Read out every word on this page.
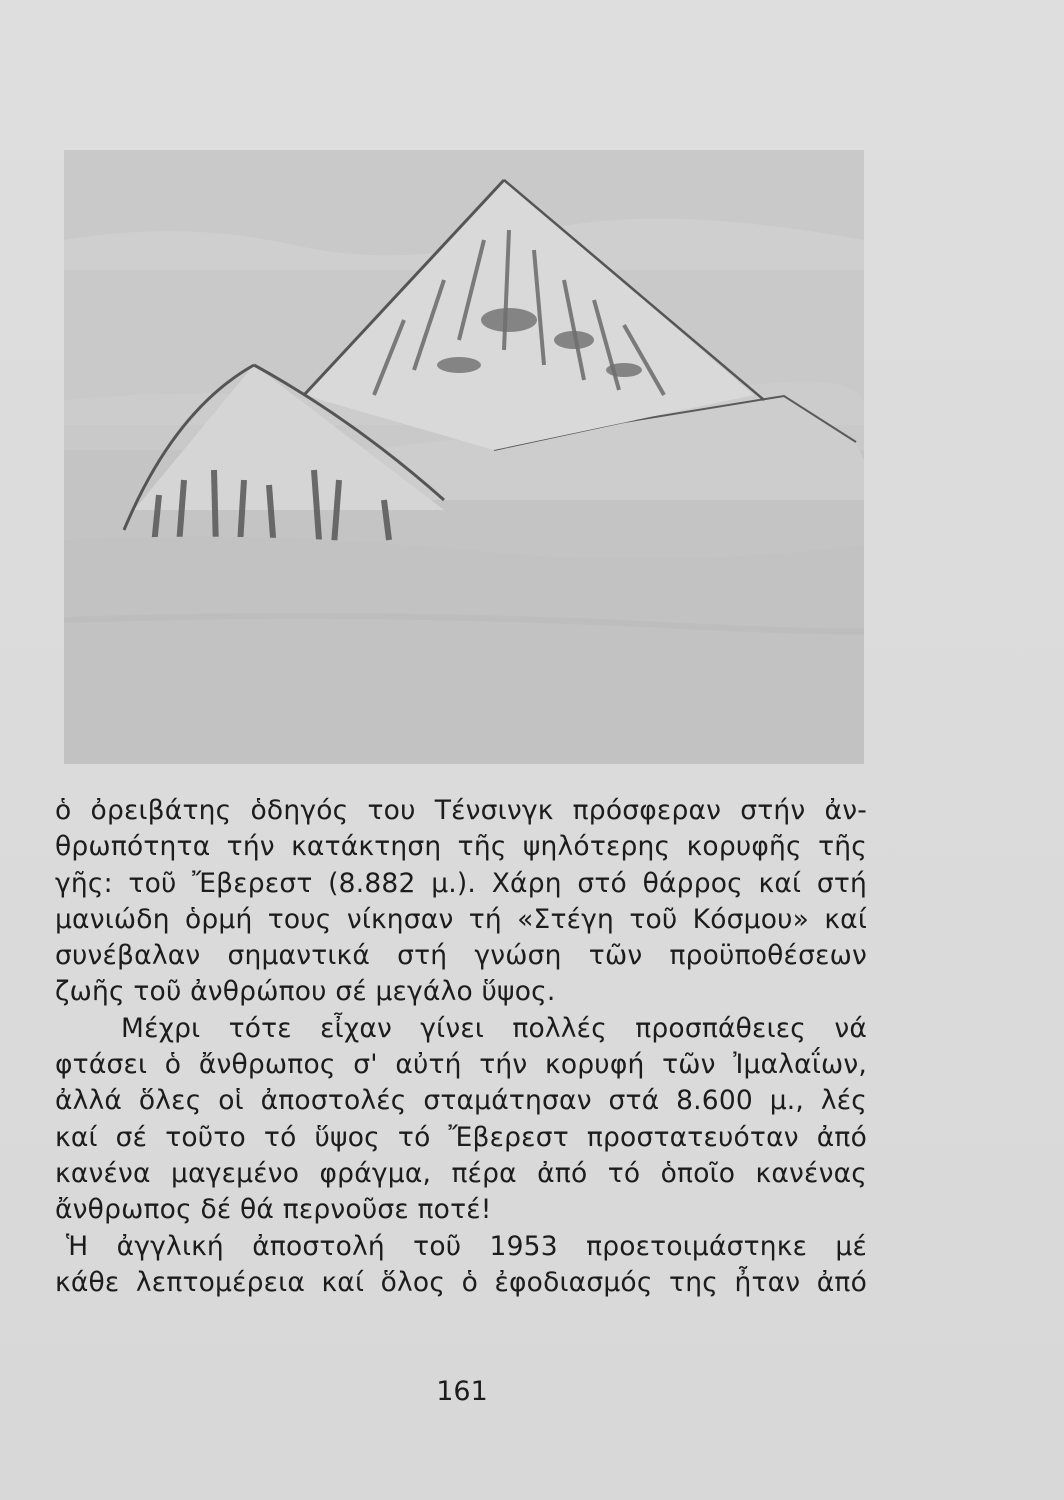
ὁ ὀρειβάτης ὁδηγός του Τένσινγκ πρόσφεραν στήν ἀν-
θρωπότητα τήν κατάκτηση τῆς ψηλότερης κορυφῆς τῆς
γῆς: τοῦ Ἔβερεστ (8.882 μ.). Χάρη στό θάρρος καί στή
μανιώδη ὁρμή τους νίκησαν τή «Στέγη τοῦ Κόσμου» καί
συνέβαλαν σημαντικά στή γνώση τῶν προϋποθέσεων
ζωῆς τοῦ ἀνθρώπου σέ μεγάλο ὕψος.
Μέχρι τότε εἶχαν γίνει πολλές προσπάθειες νά
φτάσει ὁ ἄνθρωπος σ' αὐτή τήν κορυφή τῶν Ἰμαλαΐων,
ἀλλά ὅλες οἱ ἀποστολές σταμάτησαν στά 8.600 μ., λές
καί σέ τοῦτο τό ὕψος τό Ἔβερεστ προστατευόταν ἀπό
κανένα μαγεμένο φράγμα, πέρα ἀπό τό ὁποῖο κανένας
ἄνθρωπος δέ θά περνοῦσε ποτέ!
Ἡ ἀγγλική ἀποστολή τοῦ 1953 προετοιμάστηκε μέ
κάθε λεπτομέρεια καί ὅλος ὁ ἐφοδιασμός της ἦταν ἀπό
161
